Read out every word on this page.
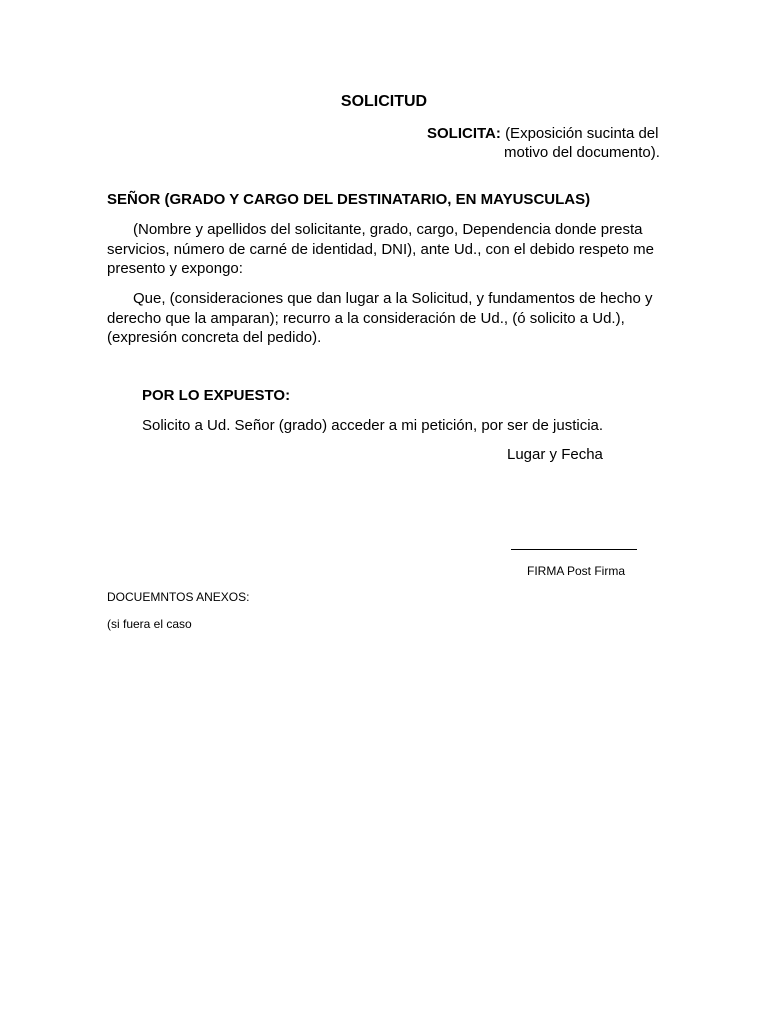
SOLICITUD
SOLICITA: (Exposición sucinta del
motivo del documento).
SEÑOR (GRADO Y CARGO DEL DESTINATARIO, EN MAYUSCULAS)

(Nombre y apellidos del solicitante, grado, cargo, Dependencia donde presta servicios, número de carné de identidad, DNI), ante Ud., con el debido respeto me presento y expongo:

Que, (consideraciones que dan lugar a la Solicitud, y fundamentos de hecho y derecho que la amparan); recurro a la consideración de Ud., (ó solicito a Ud.), (expresión concreta del pedido).

POR LO EXPUESTO:
Solicito a Ud. Señor (grado) acceder a mi petición, por ser de justicia.
Lugar y Fecha
FIRMA Post Firma
DOCUEMNTOS ANEXOS:
(si fuera el caso
